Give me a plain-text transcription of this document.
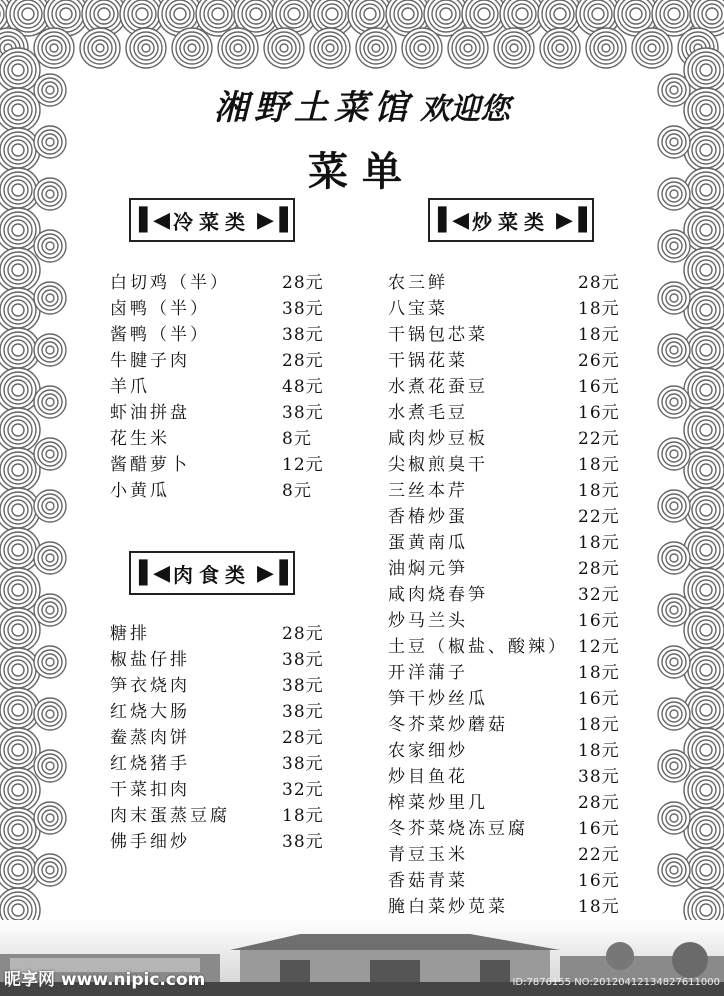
湘野土菜馆 欢迎您
菜单
▌◀ 冷菜类 ▶▐	▌◀ 炒菜类 ▶▐
▌◀ 肉食类 ▶▐
白切鸡（半）	28元
卤鸭（半）	38元
酱鸭（半）	38元
牛腱子肉	28元
羊爪	48元
虾油拼盘	38元
花生米	8元
酱醋萝卜	12元
小黄瓜	8元
糖排	28元
椒盐仔排	38元
笋衣烧肉	38元
红烧大肠	38元
鲞蒸肉饼	28元
红烧猪手	38元
干菜扣肉	32元
肉末蛋蒸豆腐	18元
佛手细炒	38元
农三鲜	28元
八宝菜	18元
干锅包芯菜	18元
干锅花菜	26元
水煮花蚕豆	16元
水煮毛豆	16元
咸肉炒豆板	22元
尖椒煎臭干	18元
三丝本芹	18元
香椿炒蛋	22元
蛋黄南瓜	18元
油焖元笋	28元
咸肉烧春笋	32元
炒马兰头	16元
土豆（椒盐、酸辣） 12元
开洋蒲子	18元
笋干炒丝瓜	16元
冬芥菜炒蘑菇	18元
农家细炒	18元
炒目鱼花	38元
榨菜炒里几	28元
冬芥菜烧冻豆腐	16元
青豆玉米	22元
香菇青菜	16元
腌白菜炒苋菜	18元
昵享网 www.nipic.com	ID:7876155 NO:20120412134827611000
